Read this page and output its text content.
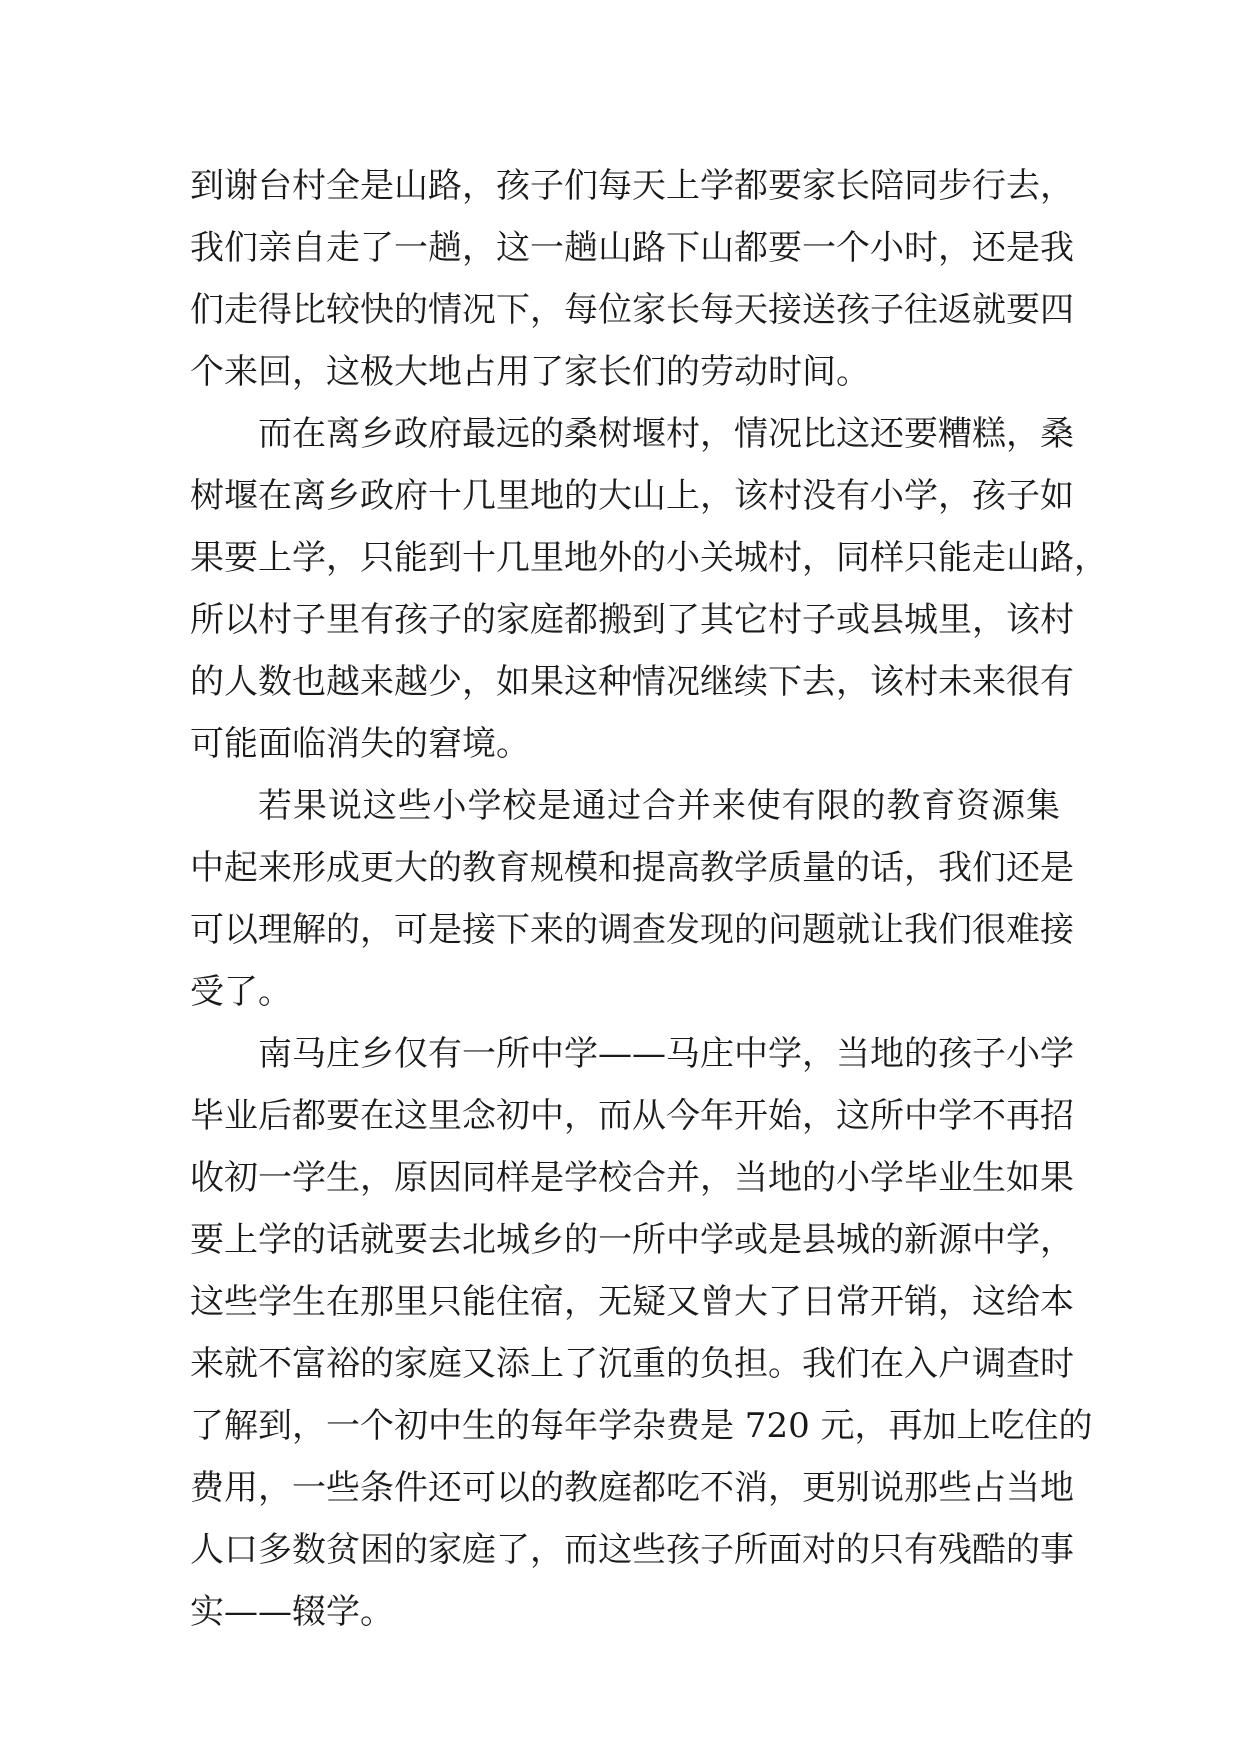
到谢台村全是山路，孩子们每天上学都要家长陪同步行去，
我们亲自走了一趟，这一趟山路下山都要一个小时，还是我
们走得比较快的情况下，每位家长每天接送孩子往返就要四
个来回，这极大地占用了家长们的劳动时间。
而在离乡政府最远的桑树堰村，情况比这还要糟糕，桑
树堰在离乡政府十几里地的大山上，该村没有小学，孩子如
果要上学，只能到十几里地外的小关城村，同样只能走山路，
所以村子里有孩子的家庭都搬到了其它村子或县城里，该村
的人数也越来越少，如果这种情况继续下去，该村未来很有
可能面临消失的窘境。
若果说这些小学校是通过合并来使有限的教育资源集
中起来形成更大的教育规模和提高教学质量的话，我们还是
可以理解的，可是接下来的调查发现的问题就让我们很难接
受了。
南马庄乡仅有一所中学——马庄中学，当地的孩子小学
毕业后都要在这里念初中，而从今年开始，这所中学不再招
收初一学生，原因同样是学校合并，当地的小学毕业生如果
要上学的话就要去北城乡的一所中学或是县城的新源中学，
这些学生在那里只能住宿，无疑又曾大了日常开销，这给本
来就不富裕的家庭又添上了沉重的负担。我们在入户调查时
了解到，一个初中生的每年学杂费是 720 元，再加上吃住的
费用，一些条件还可以的教庭都吃不消，更别说那些占当地
人口多数贫困的家庭了，而这些孩子所面对的只有残酷的事
实——辍学。
